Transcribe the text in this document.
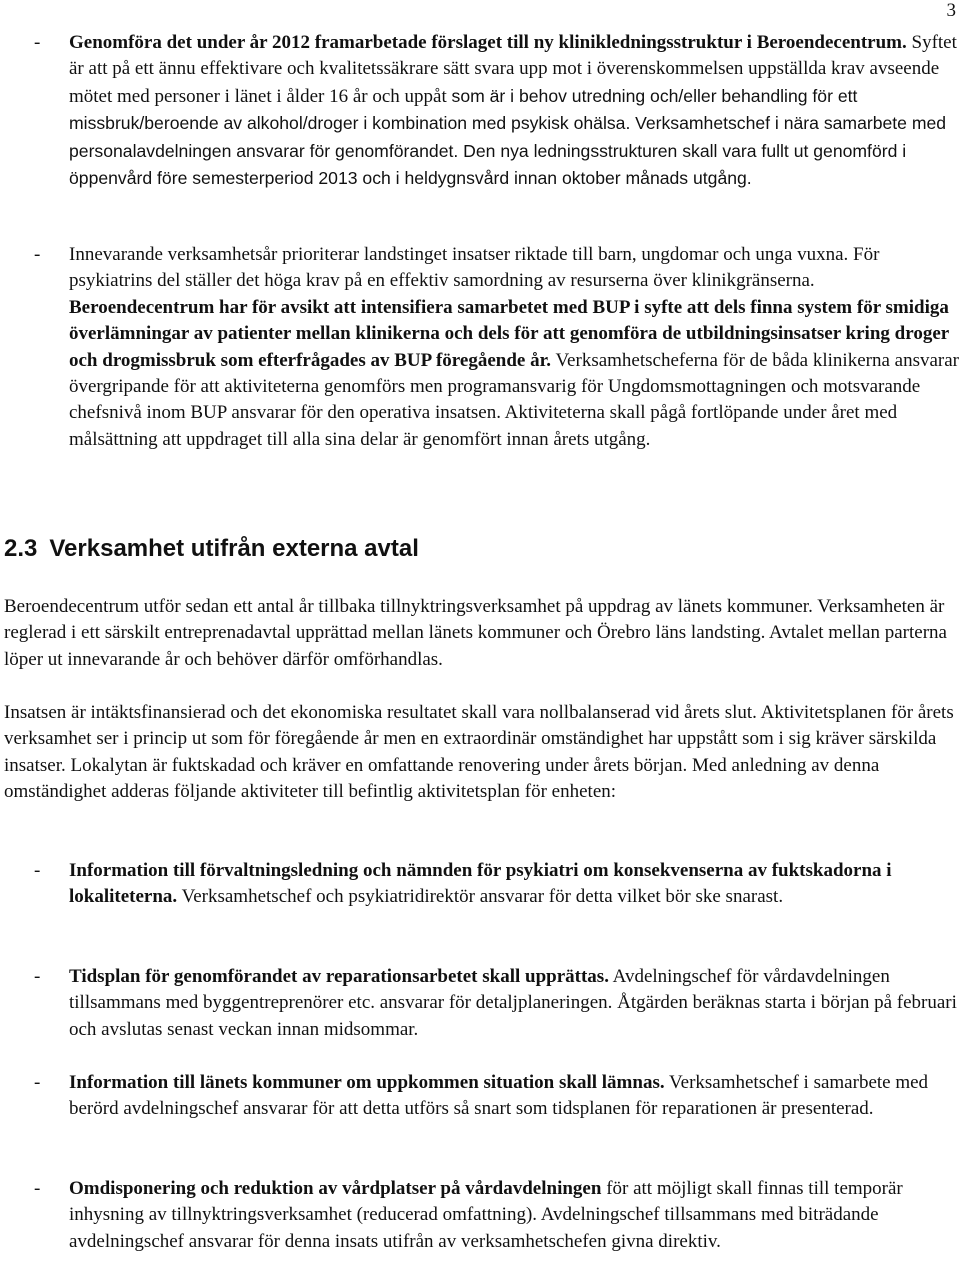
3
- Genomföra det under år 2012 framarbetade förslaget till ny klinikledningsstruktur i Beroendecentrum. Syftet är att på ett ännu effektivare och kvalitetssäkrare sätt svara upp mot i överenskommelsen uppställda krav avseende mötet med personer i länet i ålder 16 år och uppåt som är i behov utredning och/eller behandling för ett missbruk/beroende av alkohol/droger i kombination med psykisk ohälsa. Verksamhetschef i nära samarbete med personalavdelningen ansvarar för genomförandet. Den nya ledningsstrukturen skall vara fullt ut genomförd i öppenvård före semesterperiod 2013 och i heldygnsvård innan oktober månads utgång.
- Innevarande verksamhetsår prioriterar landstinget insatser riktade till barn, ungdomar och unga vuxna. För psykiatrins del ställer det höga krav på en effektiv samordning av resurserna över klinikgränserna. Beroendecentrum har för avsikt att intensifiera samarbetet med BUP i syfte att dels finna system för smidiga överlämningar av patienter mellan klinikerna och dels för att genomföra de utbildningsinsatser kring droger och drogmissbruk som efterfrågades av BUP föregående år. Verksamhetscheferna för de båda klinikerna ansvarar övergripande för att aktiviteterna genomförs men programansvarig för Ungdomsmottagningen och motsvarande chefsnivå inom BUP ansvarar för den operativa insatsen. Aktiviteterna skall pågå fortlöpande under året med målsättning att uppdraget till alla sina delar är genomfört innan årets utgång.
2.3 Verksamhet utifrån externa avtal
Beroendecentrum utför sedan ett antal år tillbaka tillnyktringsverksamhet på uppdrag av länets kommuner. Verksamheten är reglerad i ett särskilt entreprenadavtal upprättad mellan länets kommuner och Örebro läns landsting. Avtalet mellan parterna löper ut innevarande år och behöver därför omförhandlas.
Insatsen är intäktsfinansierad och det ekonomiska resultatet skall vara nollbalanserad vid årets slut. Aktivitetsplanen för årets verksamhet ser i princip ut som för föregående år men en extraordinär omständighet har uppstått som i sig kräver särskilda insatser. Lokalytan är fuktskadad och kräver en omfattande renovering under årets början. Med anledning av denna omständighet adderas följande aktiviteter till befintlig aktivitetsplan för enheten:
- Information till förvaltningsledning och nämnden för psykiatri om konsekvenserna av fuktskadorna i lokaliteterna. Verksamhetschef och psykiatridirektör ansvarar för detta vilket bör ske snarast.
- Tidsplan för genomförandet av reparationsarbetet skall upprättas. Avdelningschef för vårdavdelningen tillsammans med byggentreprenörer etc. ansvarar för detaljplaneringen. Åtgärden beräknas starta i början på februari och avslutas senast veckan innan midsommar.
- Information till länets kommuner om uppkommen situation skall lämnas. Verksamhetschef i samarbete med berörd avdelningschef ansvarar för att detta utförs så snart som tidsplanen för reparationen är presenterad.
- Omdisponering och reduktion av vårdplatser på vårdavdelningen för att möjligt skall finnas till temporär inhysning av tillnyktringsverksamhet (reducerad omfattning). Avdelningschef tillsammans med biträdande avdelningschef ansvarar för denna insats utifrån av verksamhetschefen givna direktiv.
